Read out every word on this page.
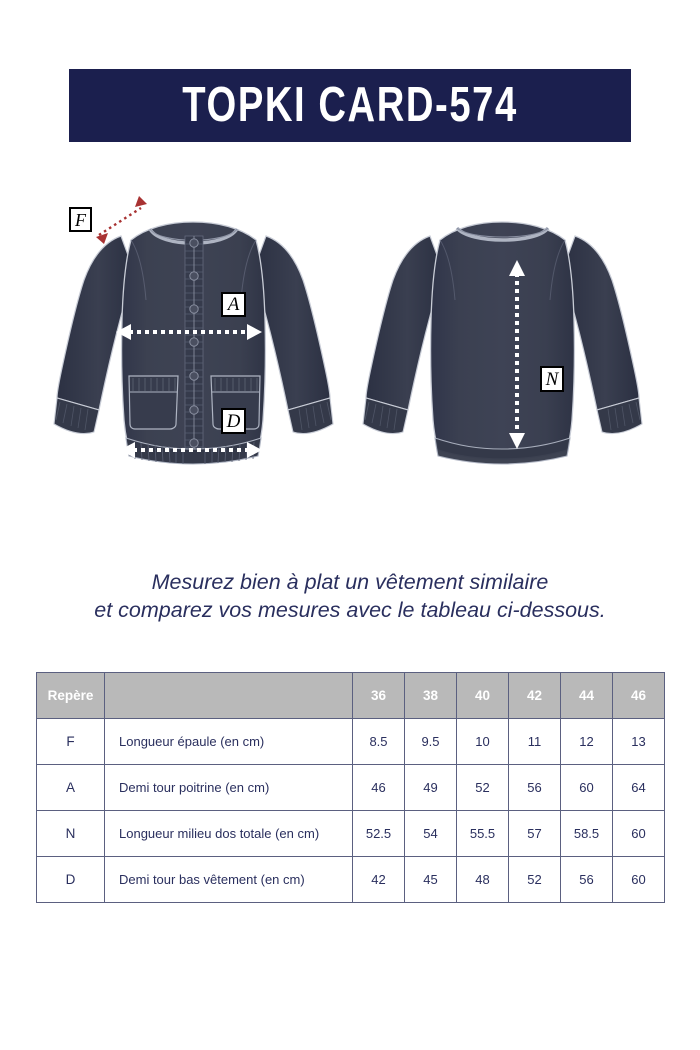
TOPKI CARD-574
F
A
D
N
Mesurez bien à plat un vêtement similaire
et comparez vos mesures avec le tableau ci-dessous.
Repère		36	38	40	42	44	46
F	Longueur épaule (en cm)	8.5	9.5	10	11	12	13
A	Demi tour poitrine (en cm)	46	49	52	56	60	64
N	Longueur milieu dos totale (en cm)	52.5	54	55.5	57	58.5	60
D	Demi tour bas vêtement (en cm)	42	45	48	52	56	60
